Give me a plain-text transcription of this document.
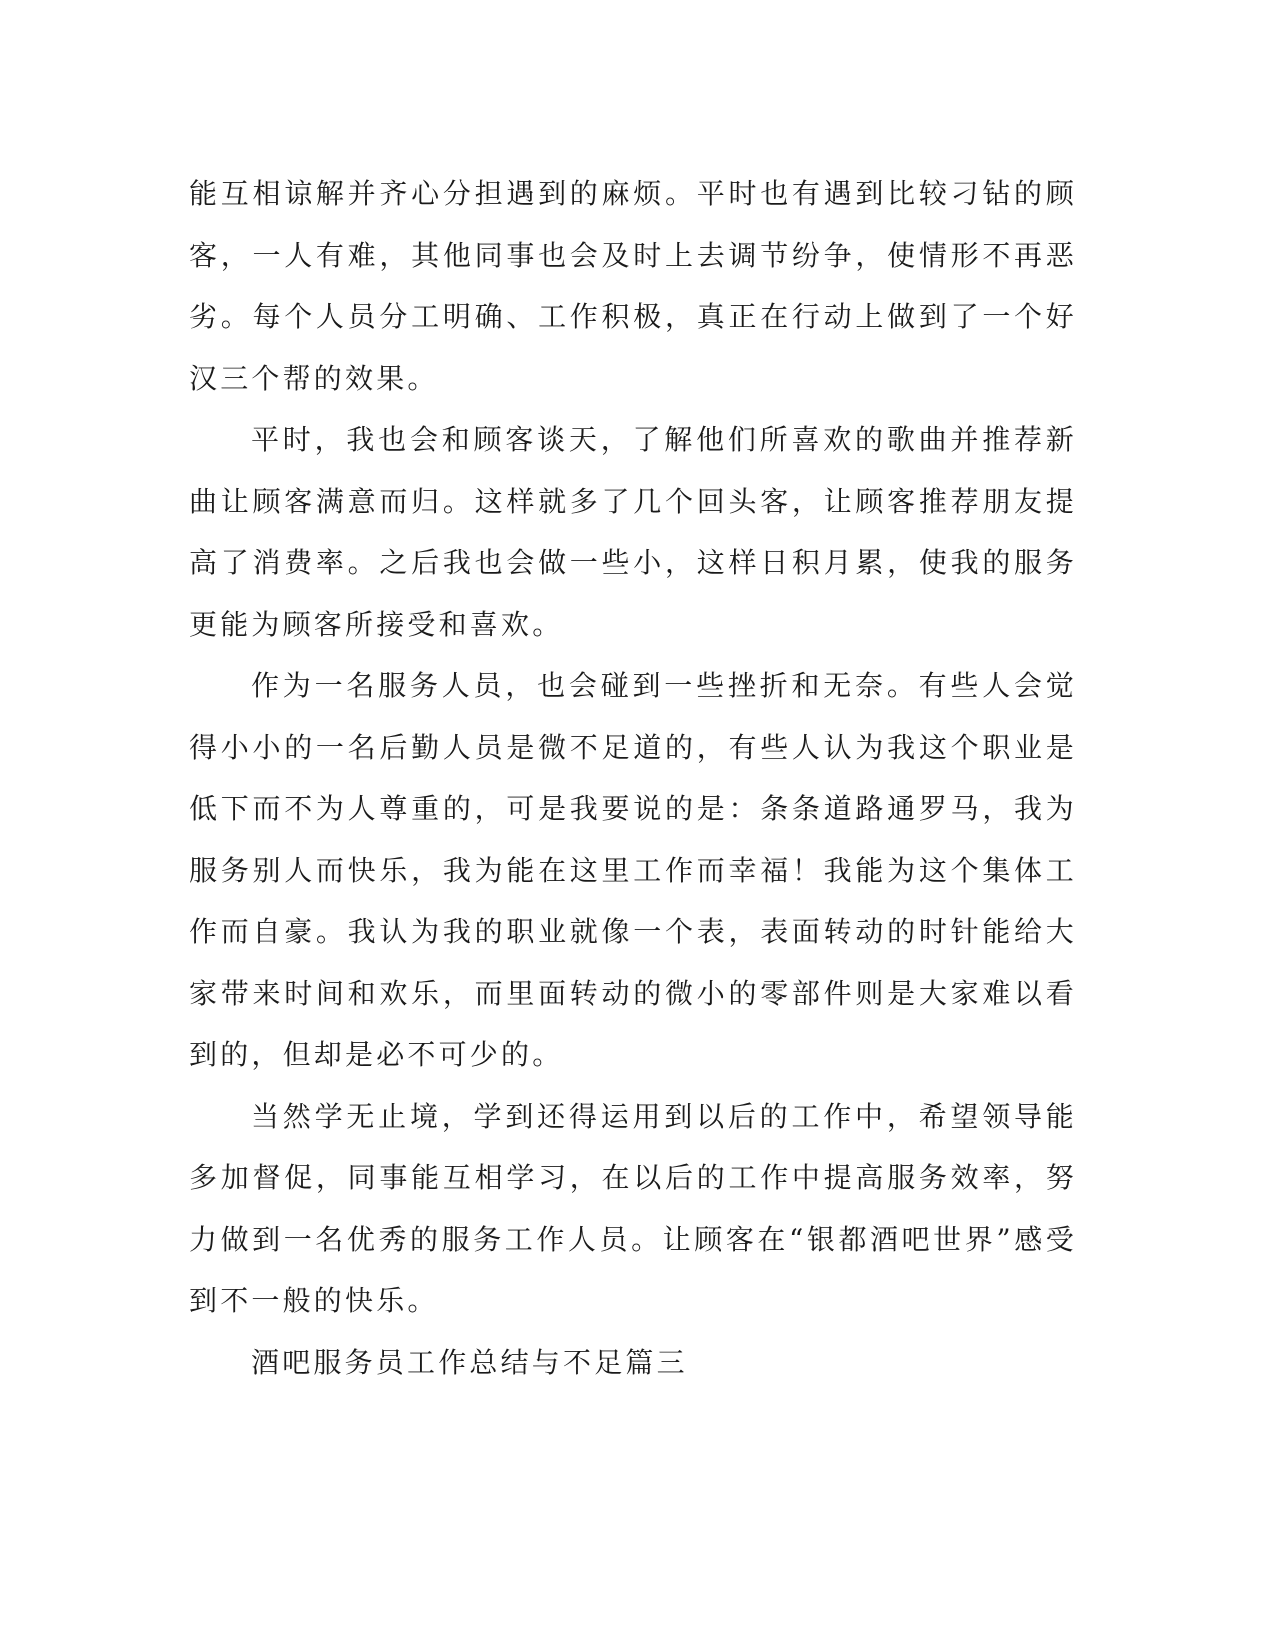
能互相谅解并齐心分担遇到的麻烦。平时也有遇到比较刁钻的顾客，一人有难，其他同事也会及时上去调节纷争，使情形不再恶劣。每个人员分工明确、工作积极，真正在行动上做到了一个好汉三个帮的效果。

平时，我也会和顾客谈天，了解他们所喜欢的歌曲并推荐新曲让顾客满意而归。这样就多了几个回头客，让顾客推荐朋友提高了消费率。之后我也会做一些小，这样日积月累，使我的服务更能为顾客所接受和喜欢。

作为一名服务人员，也会碰到一些挫折和无奈。有些人会觉得小小的一名后勤人员是微不足道的，有些人认为我这个职业是低下而不为人尊重的，可是我要说的是：条条道路通罗马，我为服务别人而快乐，我为能在这里工作而幸福！我能为这个集体工作而自豪。我认为我的职业就像一个表，表面转动的时针能给大家带来时间和欢乐，而里面转动的微小的零部件则是大家难以看到的，但却是必不可少的。

当然学无止境，学到还得运用到以后的工作中，希望领导能多加督促，同事能互相学习，在以后的工作中提高服务效率，努力做到一名优秀的服务工作人员。让顾客在“银都酒吧世界”感受到不一般的快乐。

酒吧服务员工作总结与不足篇三
